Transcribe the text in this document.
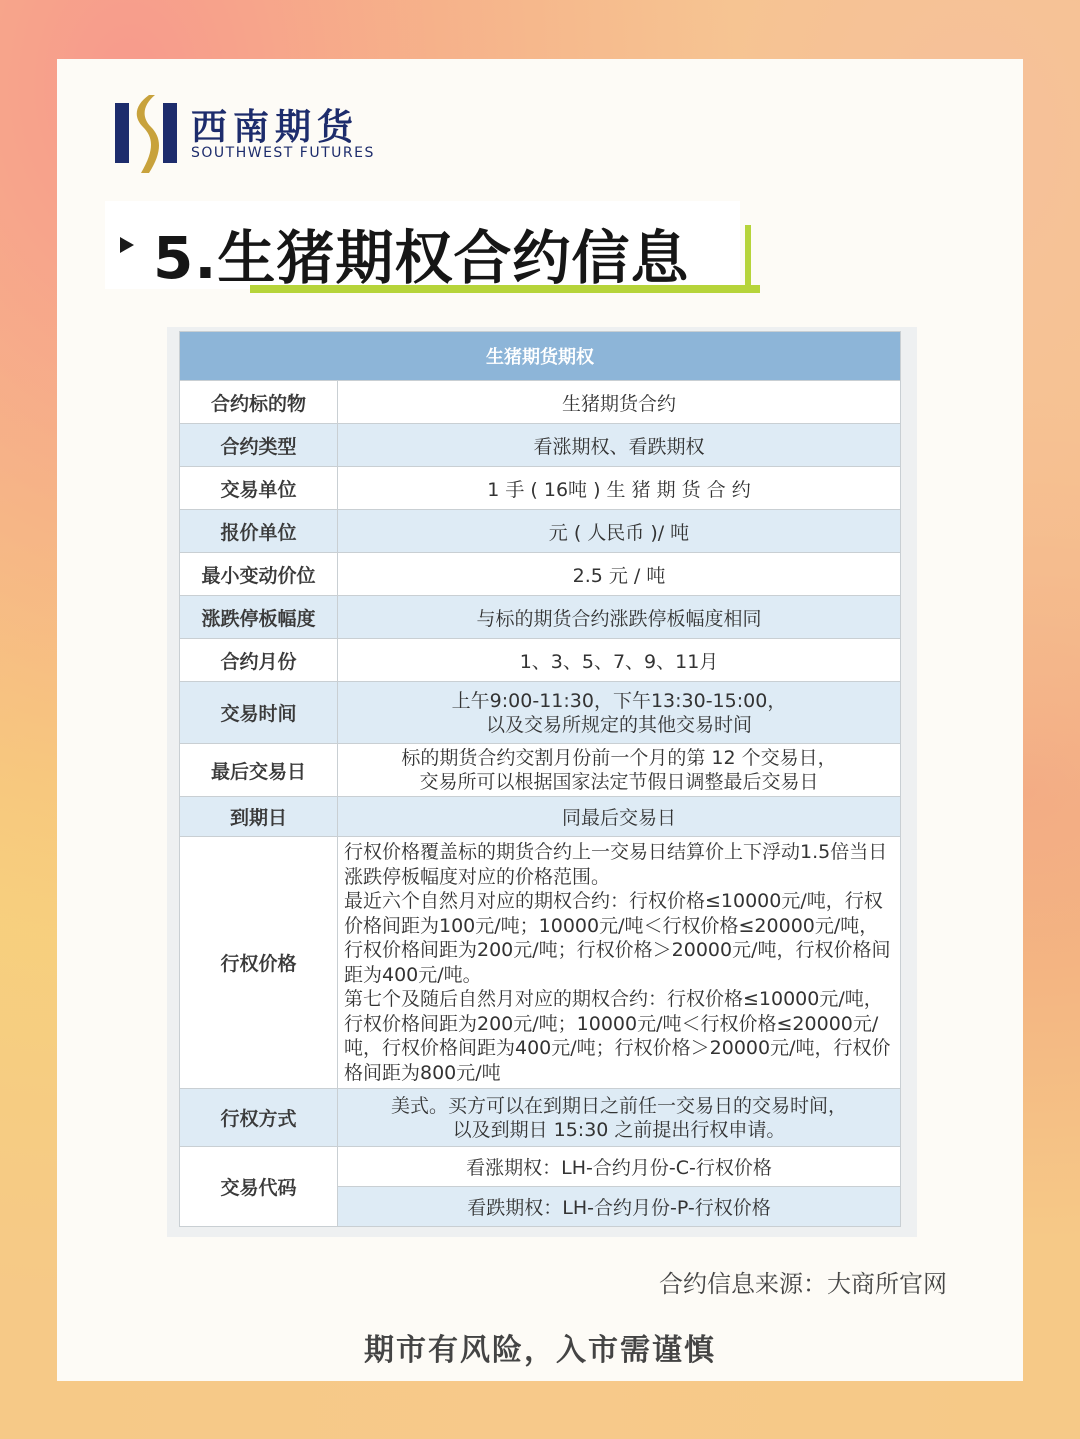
西南期货
SOUTHWEST FUTURES
5.生猪期权合约信息
生猪期货期权	
合约标的物	生猪期货合约
合约类型	看涨期权、看跌期权
交易单位	1 手 ( 16吨 ) 生 猪 期 货 合 约
报价单位	元 ( 人民币 )/ 吨
最小变动价位	2.5 元 / 吨
涨跌停板幅度	与标的期货合约涨跌停板幅度相同
合约月份	1、3、5、7、9、11月
交易时间	上午9:00-11:30，下午13:30-15:00，
以及交易所规定的其他交易时间

最后交易日	标的期货合约交割月份前一个月的第 12 个交易日，
交易所可以根据国家法定节假日调整最后交易日

到期日	同最后交易日
行权价格	行权价格覆盖标的期货合约上一交易日结算价上下浮动1.5倍当日涨跌停板幅度对应的价格范围。
最近六个自然月对应的期权合约：行权价格≤10000元/吨，行权价格间距为100元/吨；10000元/吨＜行权价格≤20000元/吨，行权价格间距为200元/吨；行权价格＞20000元/吨，行权价格间距为400元/吨。
第七个及随后自然月对应的期权合约：行权价格≤10000元/吨，行权价格间距为200元/吨；10000元/吨＜行权价格≤20000元/吨，行权价格间距为400元/吨；行权价格＞20000元/吨，行权价格间距为800元/吨

行权方式	美式。买方可以在到期日之前任一交易日的交易时间，
以及到期日 15:30 之前提出行权申请。

交易代码	看涨期权：LH-合约月份-C-行权价格
	看跌期权：LH-合约月份-P-行权价格
合约信息来源：大商所官网
期市有风险，入市需谨慎
